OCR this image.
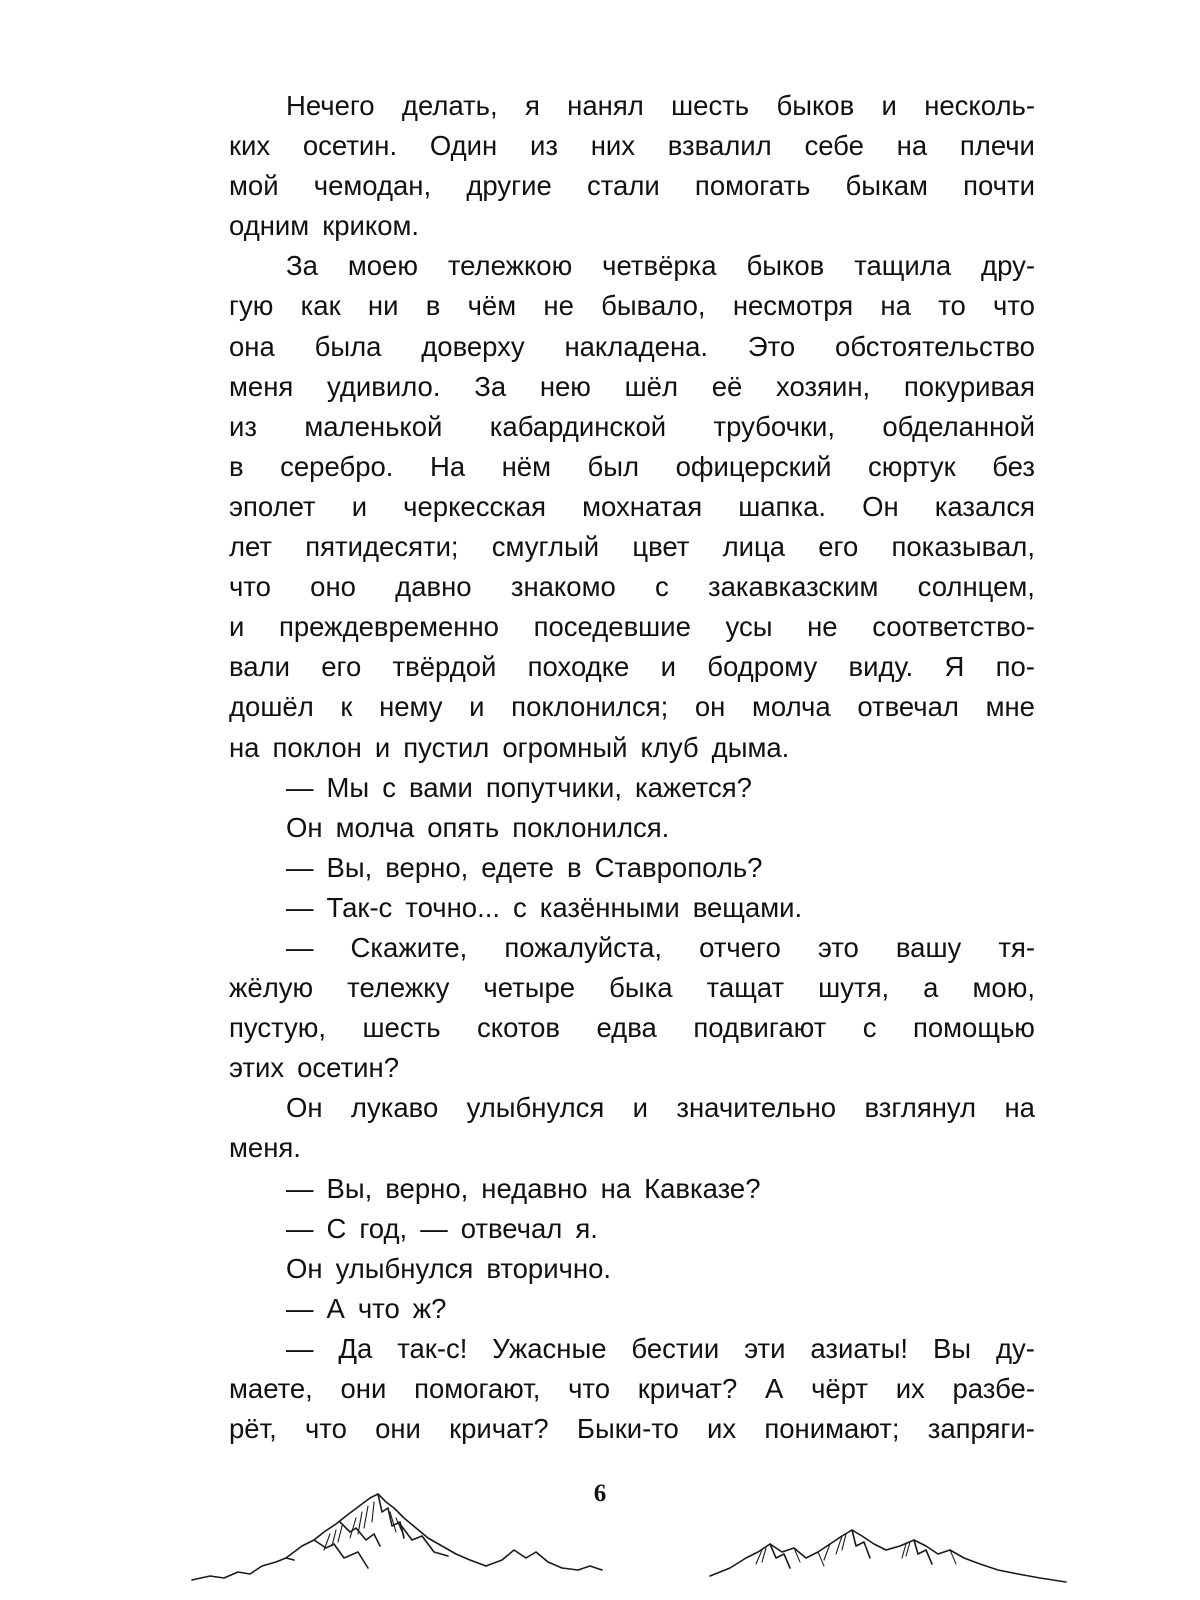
Нечего делать, я нанял шесть быков и несколь-
ких осетин. Один из них взвалил себе на плечи
мой чемодан, другие стали помогать быкам почти
одним криком.
За моею тележкою четвёрка быков тащила дру-
гую как ни в чём не бывало, несмотря на то что
она была доверху накладена. Это обстоятельство
меня удивило. За нею шёл её хозяин, покуривая
из маленькой кабардинской трубочки, обделанной
в серебро. На нём был офицерский сюртук без
эполет и черкесская мохнатая шапка. Он казался
лет пятидесяти; смуглый цвет лица его показывал,
что оно давно знакомо с закавказским солнцем,
и преждевременно поседевшие усы не соответство-
вали его твёрдой походке и бодрому виду. Я по-
дошёл к нему и поклонился; он молча отвечал мне
на поклон и пустил огромный клуб дыма.
— Мы с вами попутчики, кажется?
Он молча опять поклонился.
— Вы, верно, едете в Ставрополь?
— Так-с точно... с казёнными вещами.
— Скажите, пожалуйста, отчего это вашу тя-
жёлую тележку четыре быка тащат шутя, а мою,
пустую, шесть скотов едва подвигают с помощью
этих осетин?
Он лукаво улыбнулся и значительно взглянул на
меня.
— Вы, верно, недавно на Кавказе?
— С год, — отвечал я.
Он улыбнулся вторично.
— А что ж?
— Да так-с! Ужасные бестии эти азиаты! Вы ду-
маете, они помогают, что кричат? А чёрт их разбе-
рёт, что они кричат? Быки-то их понимают; запряги-
6
